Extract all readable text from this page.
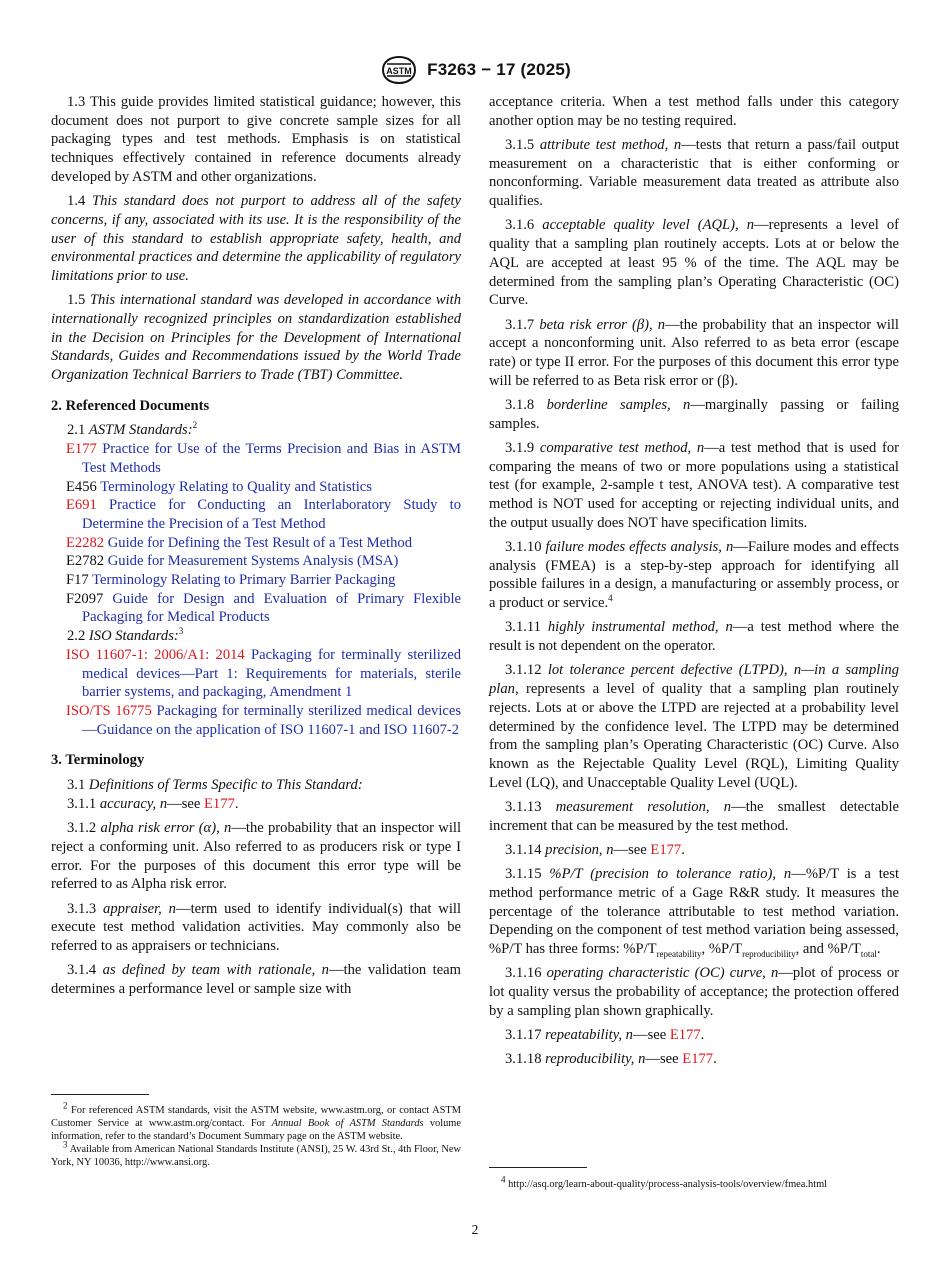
ASTM F3263 − 17 (2025)

1.3 This guide provides limited statistical guidance; however, this document does not purport to give concrete sample sizes for all packaging types and test methods. Emphasis is on statistical techniques effectively contained in reference documents already developed by ASTM and other organizations.

1.4 This standard does not purport to address all of the safety concerns, if any, associated with its use. It is the responsibility of the user of this standard to establish appropriate safety, health, and environmental practices and determine the applicability of regulatory limitations prior to use.

1.5 This international standard was developed in accordance with internationally recognized principles on standardization established in the Decision on Principles for the Development of International Standards, Guides and Recommendations issued by the World Trade Organization Technical Barriers to Trade (TBT) Committee.

2. Referenced Documents

2.1 ASTM Standards:$^2$

E177 Practice for Use of the Terms Precision and Bias in ASTM Test Methods

E456 Terminology Relating to Quality and Statistics

E691 Practice for Conducting an Interlaboratory Study to Determine the Precision of a Test Method

E2282 Guide for Defining the Test Result of a Test Method

E2782 Guide for Measurement Systems Analysis (MSA)

F17 Terminology Relating to Primary Barrier Packaging

F2097 Guide for Design and Evaluation of Primary Flexible Packaging for Medical Products

2.2 ISO Standards:$^3$

ISO 11607-1: 2006/A1: 2014 Packaging for terminally sterilized medical devices—Part 1: Requirements for materials, sterile barrier systems, and packaging, Amendment 1

ISO/TS 16775 Packaging for terminally sterilized medical devices—Guidance on the application of ISO 11607-1 and ISO 11607-2

3. Terminology

3.1 Definitions of Terms Specific to This Standard:

3.1.1 accuracy, n—see E177.

3.1.2 alpha risk error (α), n—the probability that an inspector will reject a conforming unit. Also referred to as producers risk or type I error. For the purposes of this document this error type will be referred to as Alpha risk error.

3.1.3 appraiser, n—term used to identify individual(s) that will execute test method validation activities. May commonly also be referred to as appraisers or technicians.

3.1.4 as defined by team with rationale, n—the validation team determines a performance level or sample size with

$^2$ For referenced ASTM standards, visit the ASTM website, www.astm.org, or contact ASTM Customer Service at www.astm.org/contact. For Annual Book of ASTM Standards volume information, refer to the standard’s Document Summary page on the ASTM website.

$^3$ Available from American National Standards Institute (ANSI), 25 W. 43rd St., 4th Floor, New York, NY 10036, http://www.ansi.org.

acceptance criteria. When a test method falls under this category another option may be no testing required.

3.1.5 attribute test method, n—tests that return a pass/fail output measurement on a characteristic that is either conforming or nonconforming. Variable measurement data treated as attribute also qualifies.

3.1.6 acceptable quality level (AQL), n—represents a level of quality that a sampling plan routinely accepts. Lots at or below the AQL are accepted at least 95 % of the time. The AQL may be determined from the sampling plan’s Operating Characteristic (OC) Curve.

3.1.7 beta risk error (β), n—the probability that an inspector will accept a nonconforming unit. Also referred to as beta error (escape rate) or type II error. For the purposes of this document this error type will be referred to as Beta risk error or (β).

3.1.8 borderline samples, n—marginally passing or failing samples.

3.1.9 comparative test method, n—a test method that is used for comparing the means of two or more populations using a statistical test (for example, 2-sample t test, ANOVA test). A comparative test method is NOT used for accepting or rejecting individual units, and the output usually does NOT have specification limits.

3.1.10 failure modes effects analysis, n—Failure modes and effects analysis (FMEA) is a step-by-step approach for identifying all possible failures in a design, a manufacturing or assembly process, or a product or service.$^4$

3.1.11 highly instrumental method, n—a test method where the result is not dependent on the operator.

3.1.12 lot tolerance percent defective (LTPD), n—in a sampling plan, represents a level of quality that a sampling plan routinely rejects. Lots at or above the LTPD are rejected at a probability level determined by the confidence level. The LTPD may be determined from the sampling plan’s Operating Characteristic (OC) Curve. Also known as the Rejectable Quality Level (RQL), Limiting Quality Level (LQ), and Unacceptable Quality Level (UQL).

3.1.13 measurement resolution, n—the smallest detectable increment that can be measured by the test method.

3.1.14 precision, n—see E177.

3.1.15 %P/T (precision to tolerance ratio), n—%P/T is a test method performance metric of a Gage R&R study. It measures the percentage of the tolerance attributable to test method variation. Depending on the component of test method variation being assessed, %P/T has three forms: $\%P/T_{repeatability}$, $\%P/T_{reproducibility}$, and $\%P/T_{total}$.

3.1.16 operating characteristic (OC) curve, n—plot of process or lot quality versus the probability of acceptance; the protection offered by a sampling plan shown graphically.

3.1.17 repeatability, n—see E177.

3.1.18 reproducibility, n—see E177.

$^4$ http://asq.org/learn-about-quality/process-analysis-tools/overview/fmea.html

2
